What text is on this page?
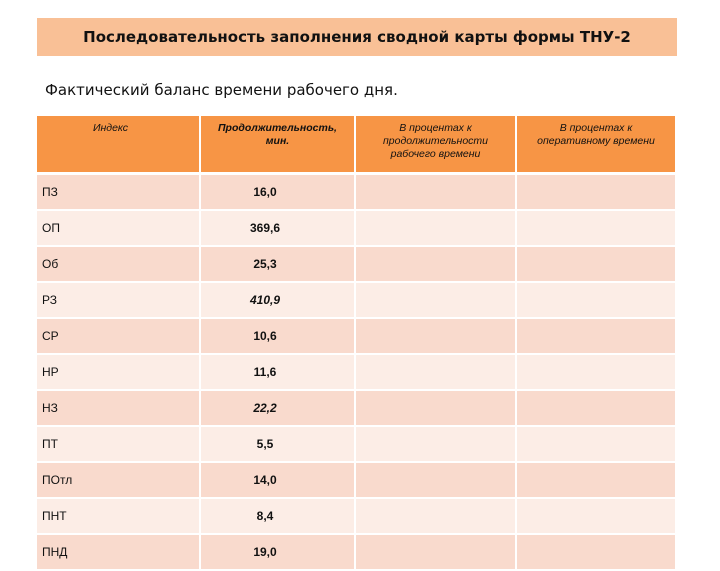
Последовательность заполнения сводной карты формы ТНУ-2
Фактический баланс времени рабочего дня.
Индекс	Продолжительность, мин.	В процентах к продолжительности рабочего времени	В процентах к оперативному времени
ПЗ	16,0		
ОП	369,6		
Об	25,3		
РЗ	410,9		
СР	10,6		
НР	11,6		
НЗ	22,2		
ПТ	5,5		
ПОтл	14,0		
ПНТ	8,4		
ПНД	19,0		
